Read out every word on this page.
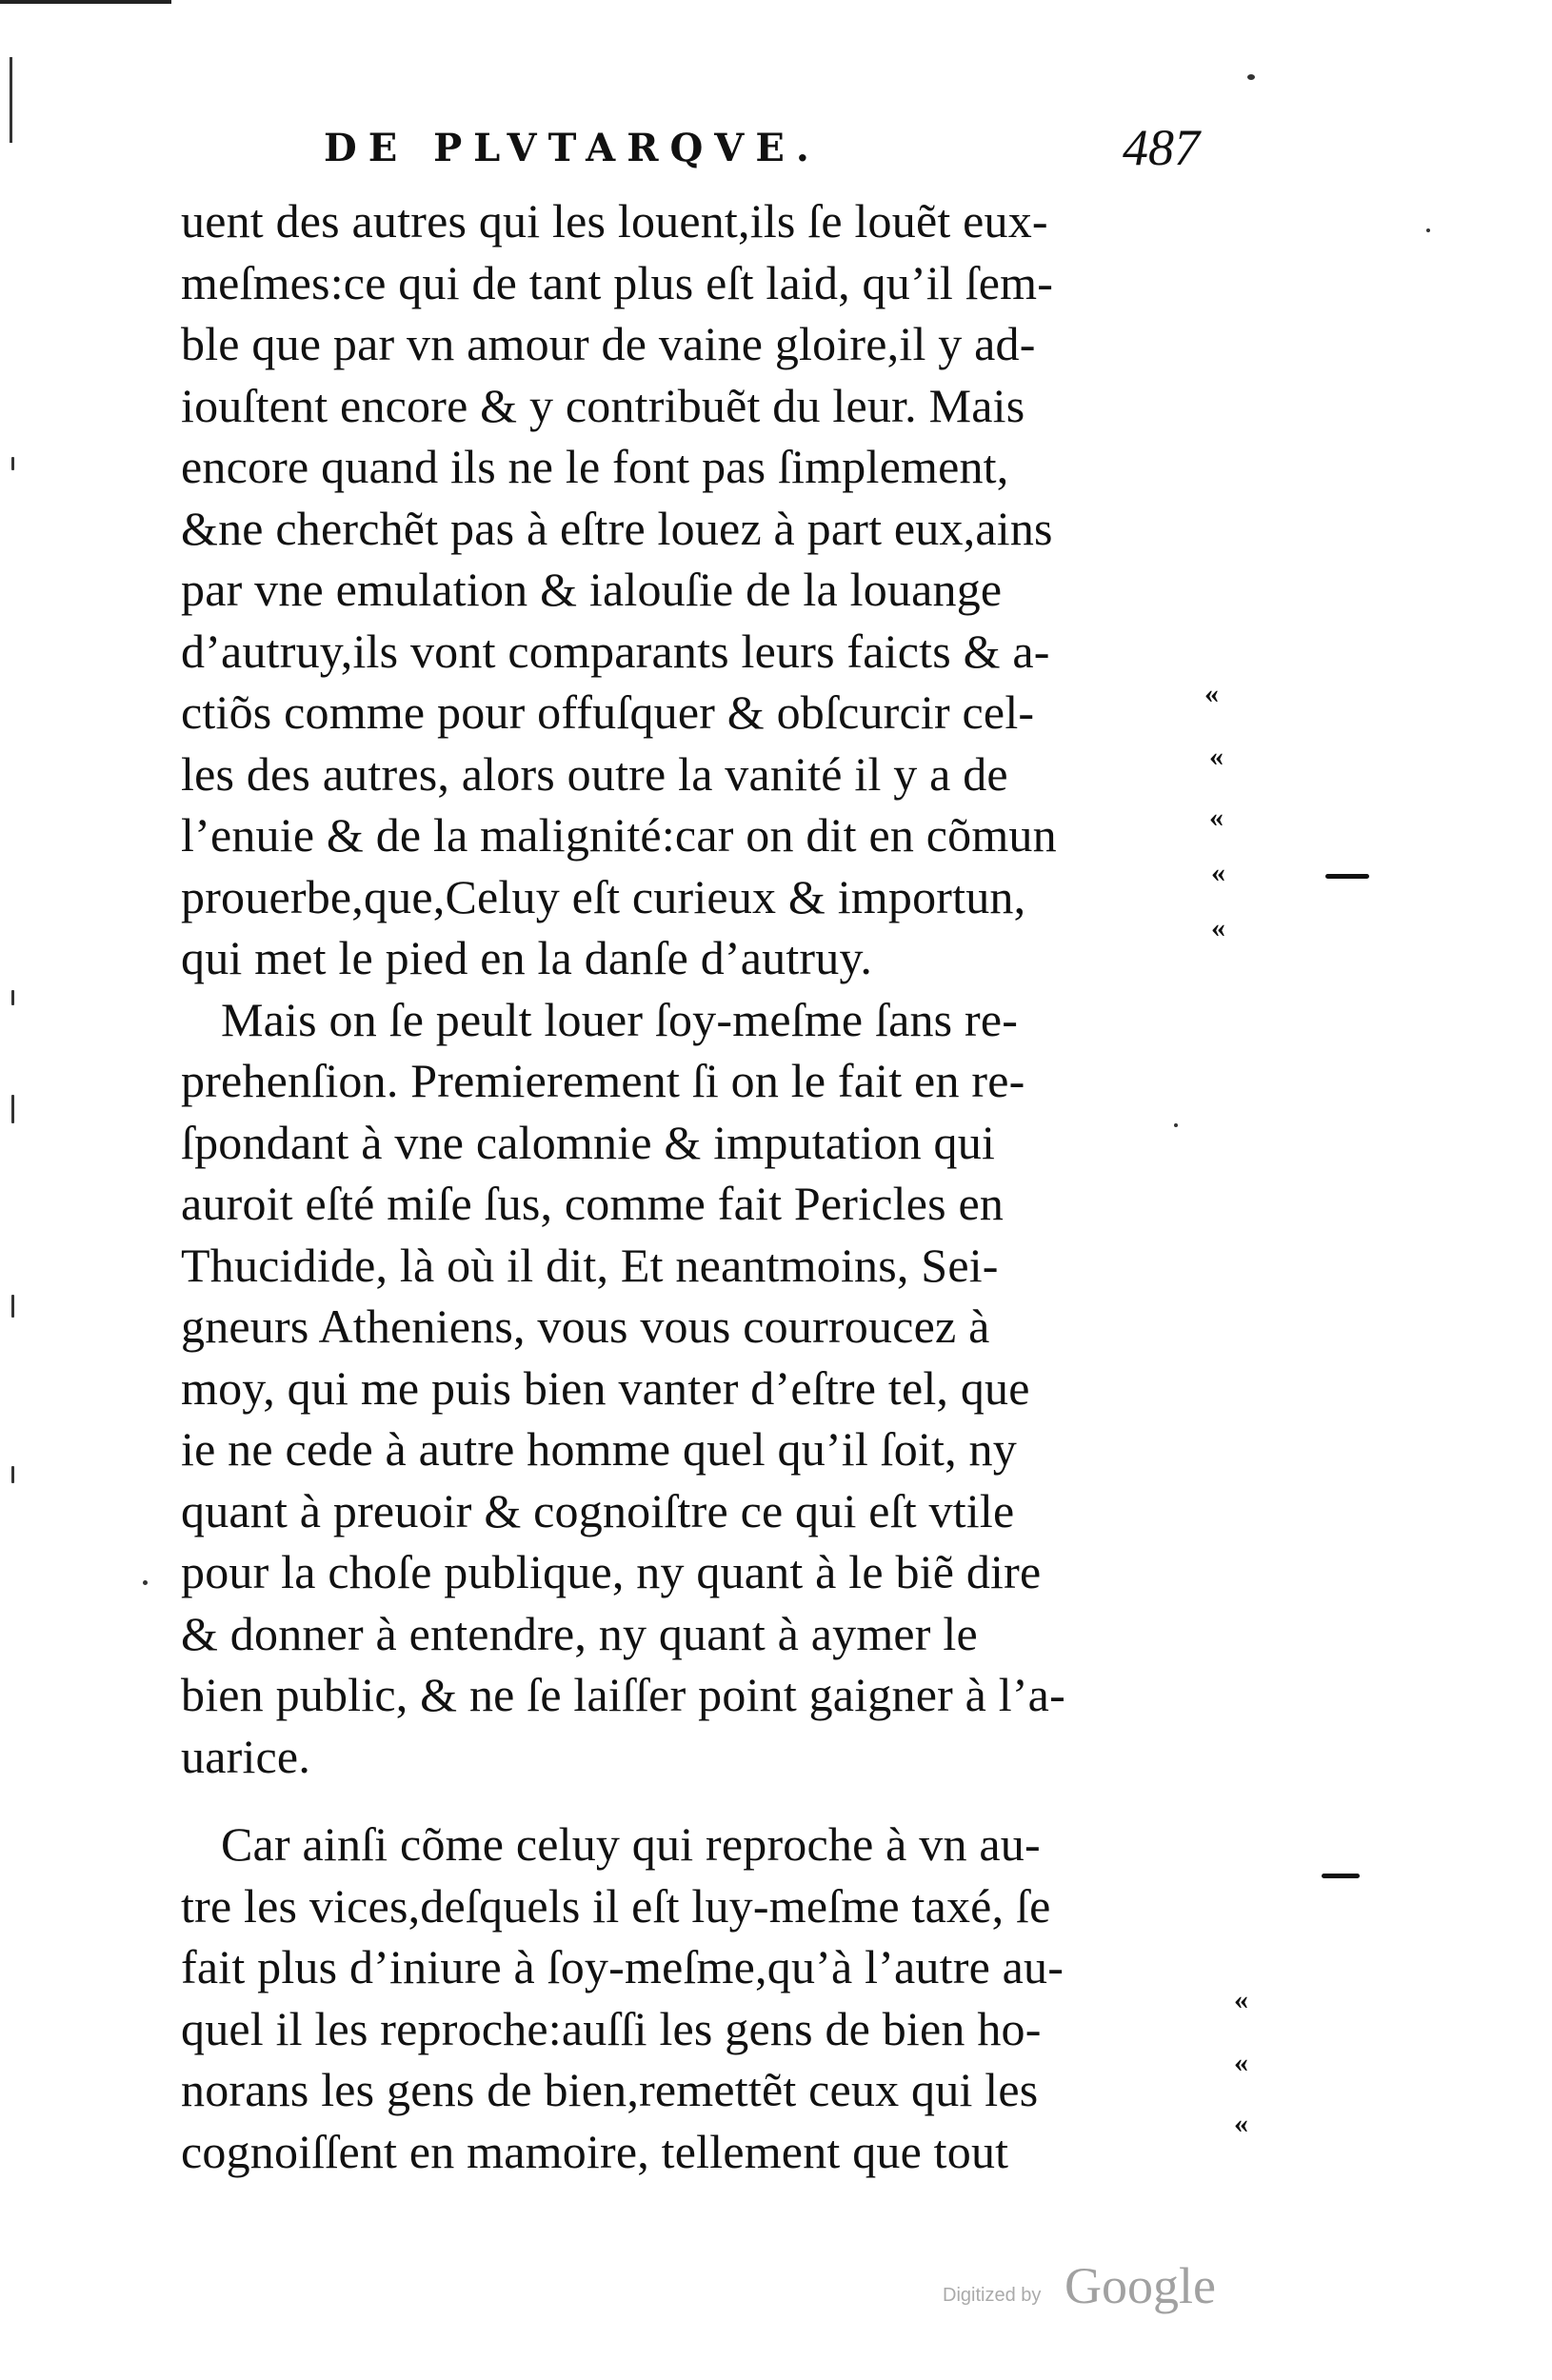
DE PLVTARQVE.	487
uent des autres qui les louent,ils ſe louẽt eux-
meſmes:ce qui de tant plus eſt laid, qu’il ſem-
ble que par vn amour de vaine gloire,il y ad-
iouſtent encore & y contribuẽt du leur. Mais
encore quand ils ne le font pas ſimplement,
&ne cherchẽt pas à eſtre louez à part eux,ains
par vne emulation & ialouſie de la louange
d’autruy,ils vont comparants leurs faicts & a-
ctiõs comme pour offuſquer & obſcurcir cel-
les des autres, alors outre la vanité il y a de
l’enuie & de la malignité:car on dit en cõmun
prouerbe,que,Celuy eſt curieux & importun,
qui met le pied en la danſe d’autruy.
Mais on ſe peult louer ſoy-meſme ſans re-
prehenſion. Premierement ſi on le fait en re-
ſpondant à vne calomnie & imputation qui
auroit eſté miſe ſus, comme fait Pericles en
Thucidide, là où il dit, Et neantmoins, Sei-
gneurs Atheniens, vous vous courroucez à
moy, qui me puis bien vanter d’eſtre tel, que
ie ne cede à autre homme quel qu’il ſoit, ny
quant à preuoir & cognoiſtre ce qui eſt vtile
pour la choſe publique, ny quant à le biẽ dire
& donner à entendre, ny quant à aymer le
bien public, & ne ſe laiſſer point gaigner à l’a-
uarice.
Car ainſi cõme celuy qui reproche à vn au-
tre les vices,deſquels il eſt luy-meſme taxé, ſe
fait plus d’iniure à ſoy-meſme,qu’à l’autre au-
quel il les reproche:auſſi les gens de bien ho-
norans les gens de bien,remettẽt ceux qui les
cognoiſſent en mamoire, tellement que tout
«
«
«
«
«
«
«
«
Digitized by Google
